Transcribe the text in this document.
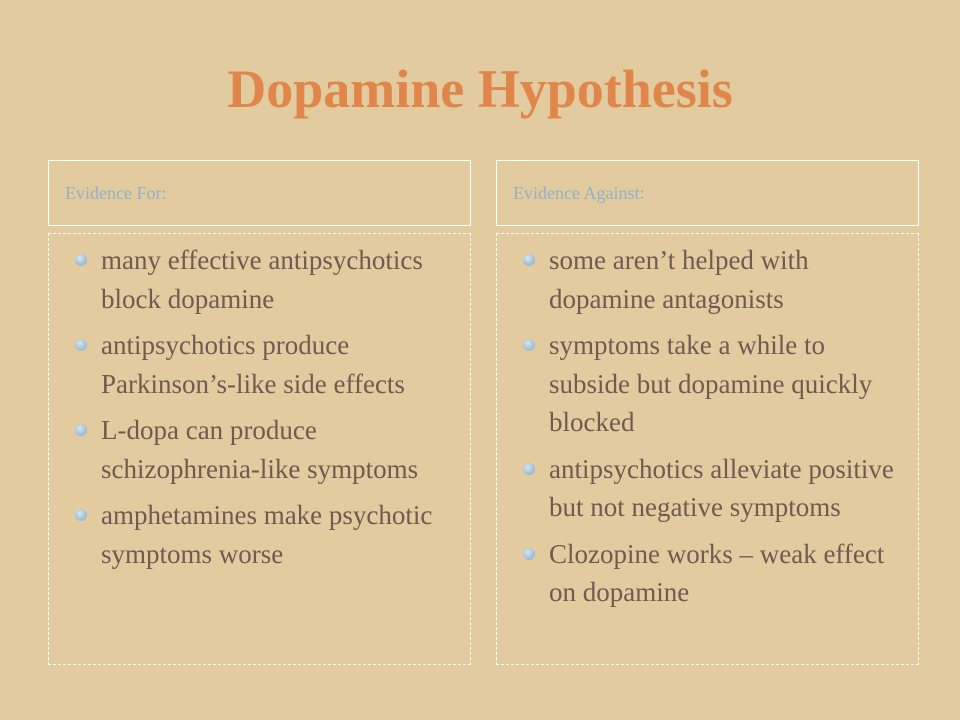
Dopamine Hypothesis
Evidence For:	Evidence Against:
many effective antipsychotics block dopamine
antipsychotics produce Parkinson’s-like side effects
L-dopa can produce schizophrenia-like symptoms
amphetamines make psychotic symptoms worse
some aren’t helped with dopamine antagonists
symptoms take a while to subside but dopamine quickly blocked
antipsychotics alleviate positive but not negative symptoms
Clozopine works – weak effect on dopamine
